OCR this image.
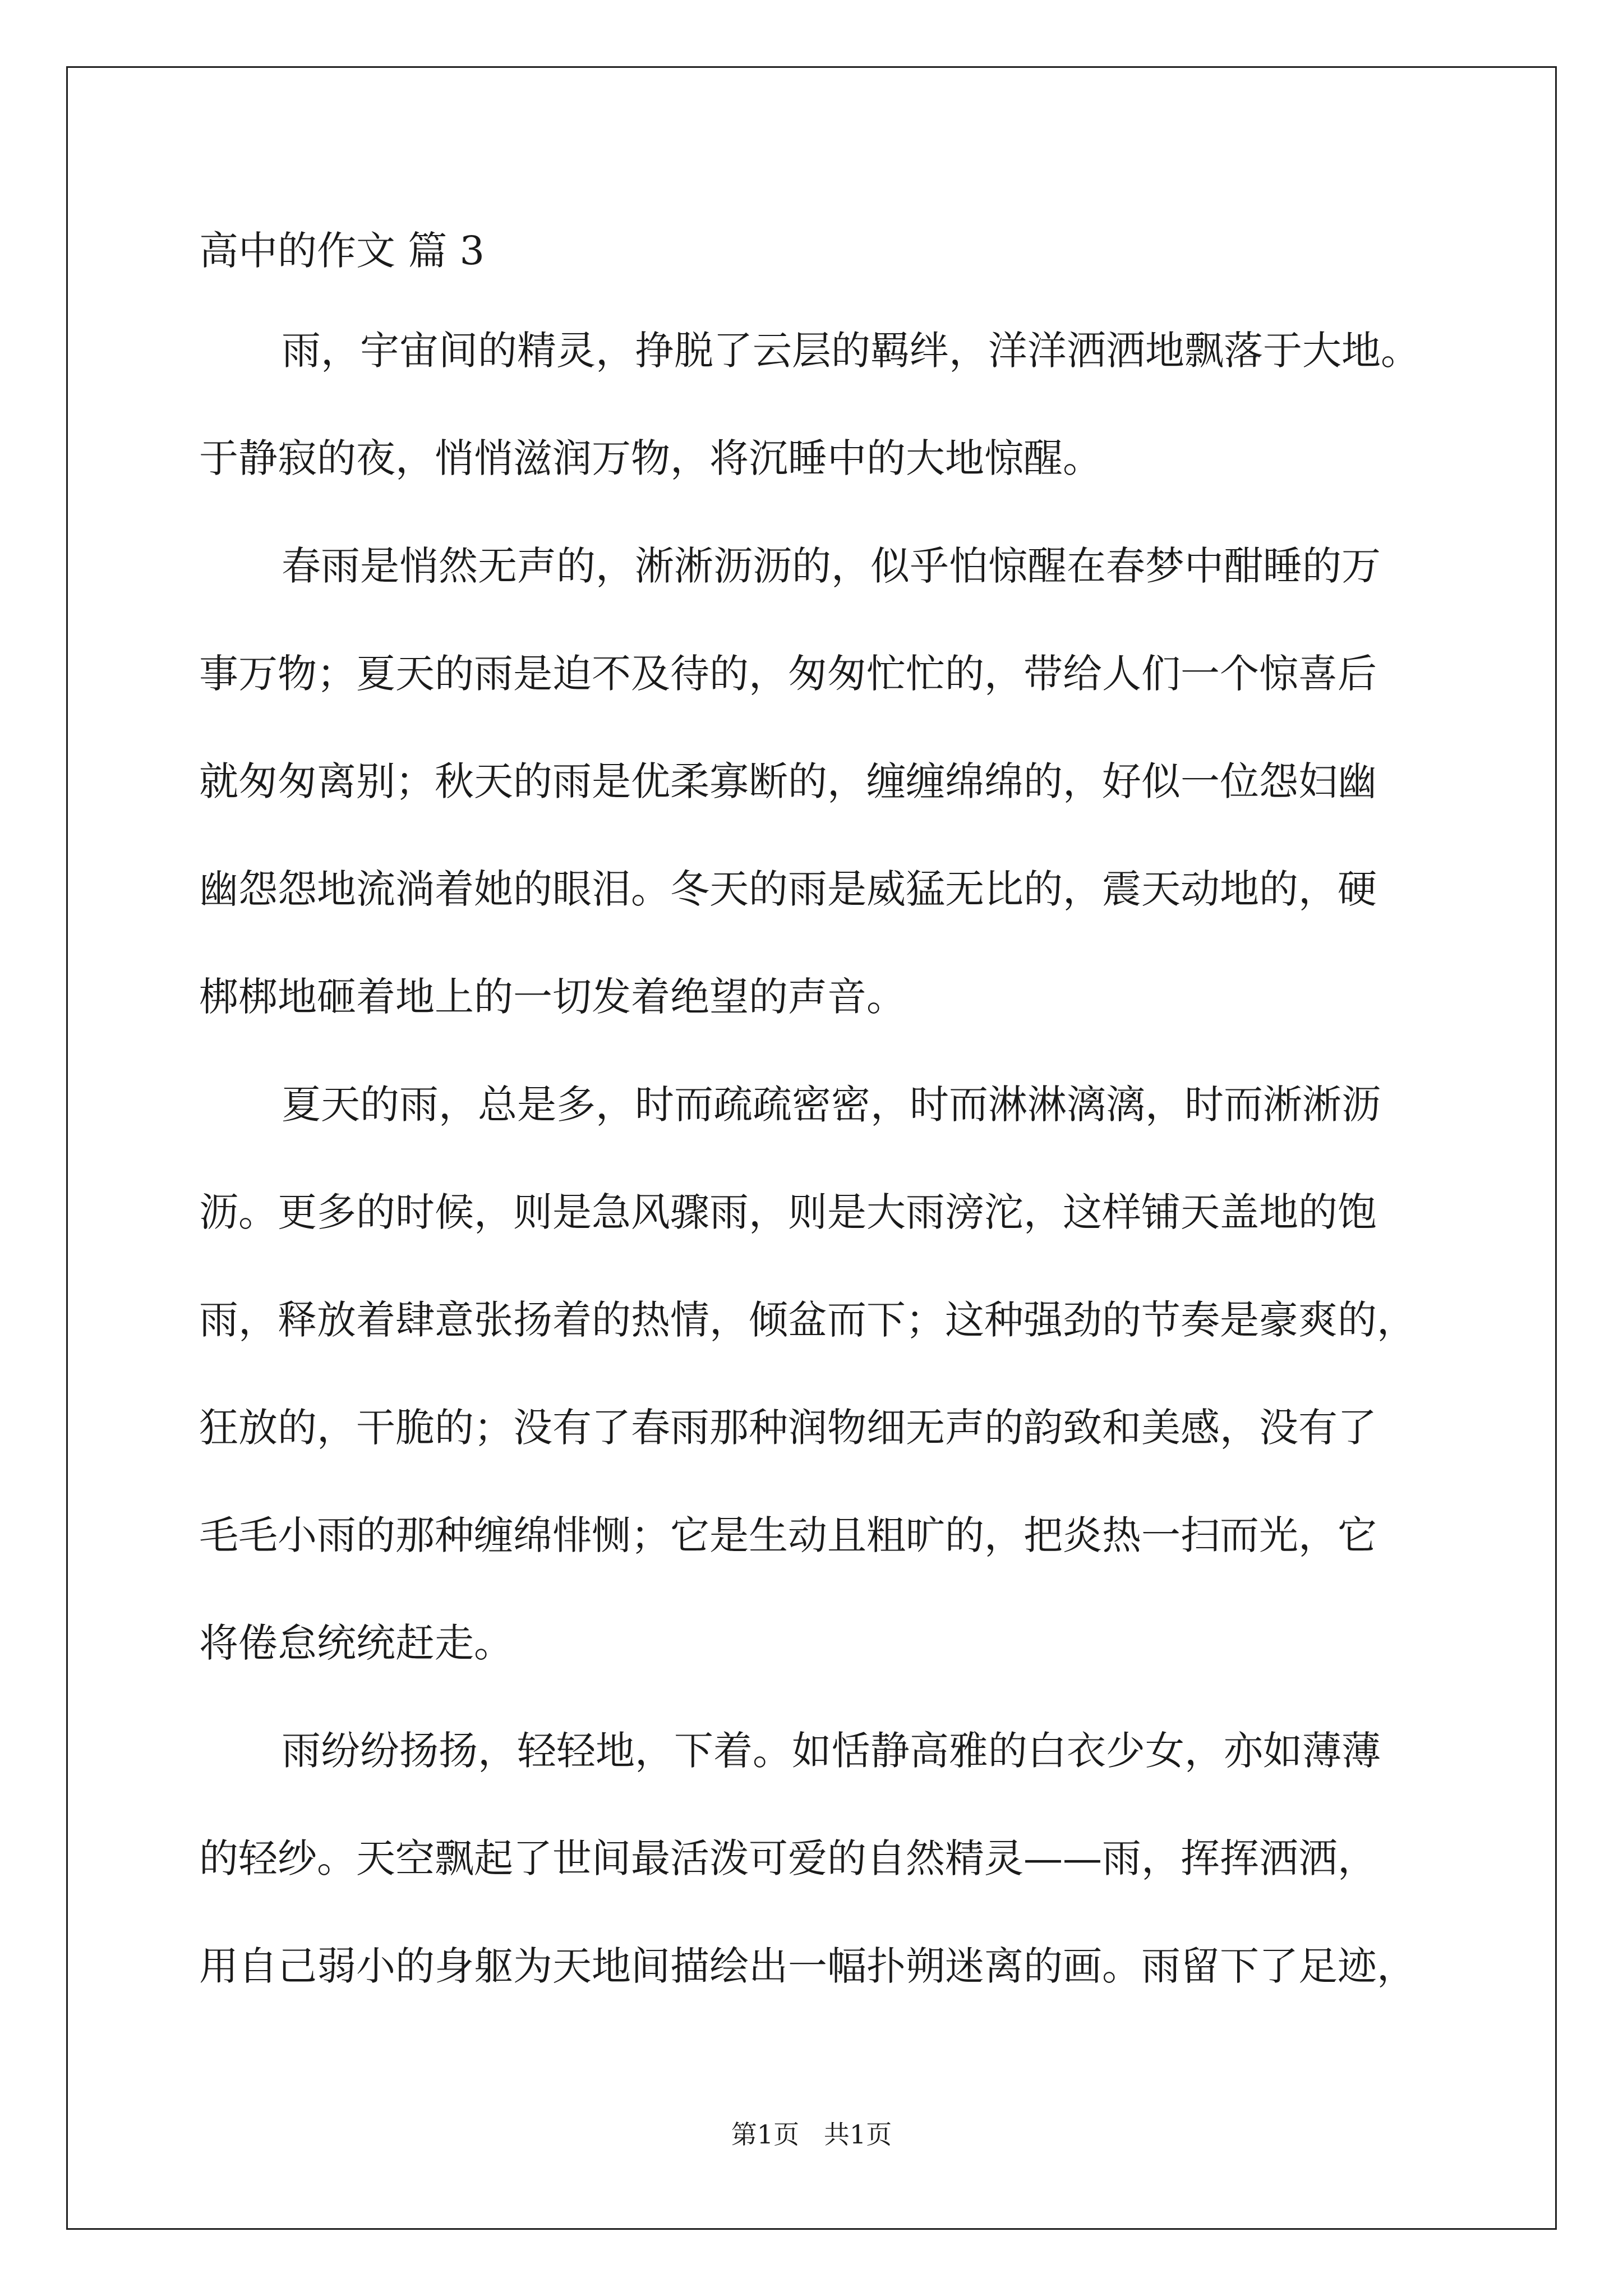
高中的作文 篇 3
雨，宇宙间的精灵，挣脱了云层的羁绊，洋洋洒洒地飘落于大地。
于静寂的夜，悄悄滋润万物，将沉睡中的大地惊醒。
春雨是悄然无声的，淅淅沥沥的，似乎怕惊醒在春梦中酣睡的万
事万物；夏天的雨是迫不及待的，匆匆忙忙的，带给人们一个惊喜后
就匆匆离别；秋天的雨是优柔寡断的，缠缠绵绵的，好似一位怨妇幽
幽怨怨地流淌着她的眼泪。冬天的雨是威猛无比的，震天动地的，硬
梆梆地砸着地上的一切发着绝望的声音。
夏天的雨，总是多，时而疏疏密密，时而淋淋漓漓，时而淅淅沥
沥。更多的时候，则是急风骤雨，则是大雨滂沱，这样铺天盖地的饱
雨，释放着肆意张扬着的热情，倾盆而下；这种强劲的节奏是豪爽的，
狂放的，干脆的；没有了春雨那种润物细无声的韵致和美感，没有了
毛毛小雨的那种缠绵悱恻；它是生动且粗旷的，把炎热一扫而光，它
将倦怠统统赶走。
雨纷纷扬扬，轻轻地，下着。如恬静高雅的白衣少女，亦如薄薄
的轻纱。天空飘起了世间最活泼可爱的自然精灵——雨，挥挥洒洒，
用自己弱小的身躯为天地间描绘出一幅扑朔迷离的画。雨留下了足迹，
第1页   共1页
